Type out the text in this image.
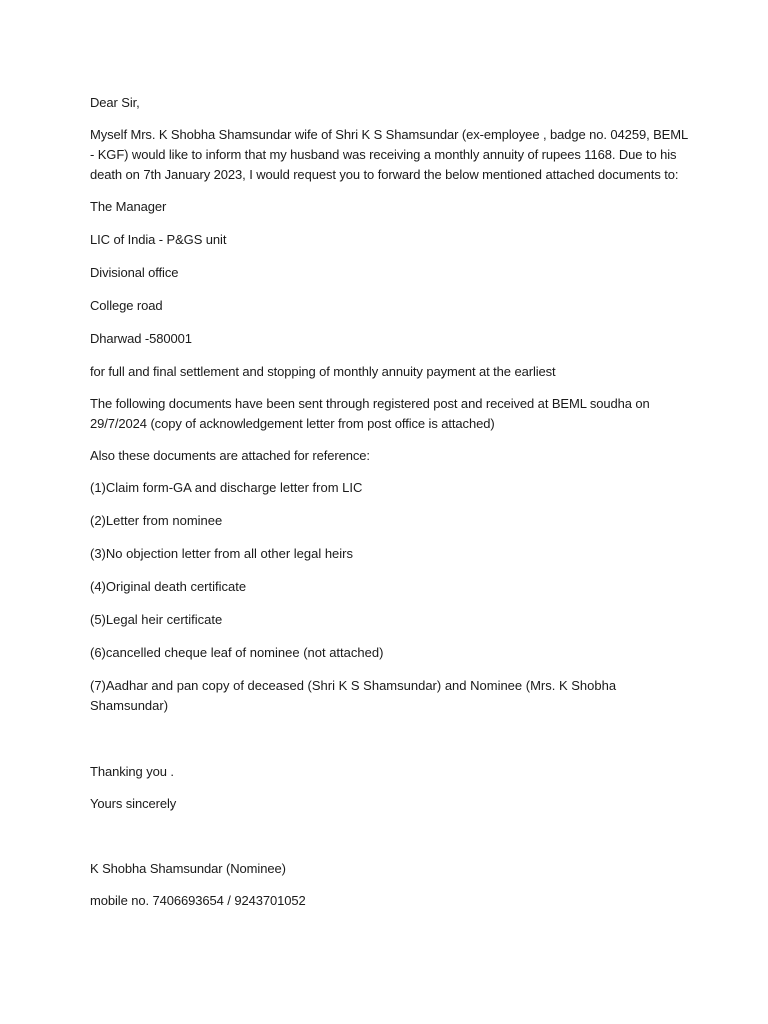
Dear Sir,

Myself Mrs. K Shobha Shamsundar wife of Shri K S Shamsundar (ex-employee , badge no. 04259, BEML - KGF) would like to inform that my husband was receiving a monthly annuity of rupees 1168. Due to his death on 7th January 2023, I would request you to forward the below mentioned attached documents to:

The Manager

LIC of India - P&GS unit

Divisional office

College road

Dharwad -580001

for full and final settlement and stopping of monthly annuity payment at the earliest

The following documents have been sent through registered post and received at BEML soudha on 29/7/2024 (copy of acknowledgement letter from post office is attached)

Also these documents are attached for reference:

(1)Claim form-GA and discharge letter from LIC
(2)Letter from nominee
(3)No objection letter from all other legal heirs
(4)Original death certificate
(5)Legal heir certificate
(6)cancelled cheque leaf of nominee (not attached)
(7)Aadhar and pan copy of deceased (Shri K S Shamsundar) and Nominee (Mrs. K Shobha Shamsundar)

Thanking you .

Yours sincerely

K Shobha Shamsundar (Nominee)

mobile no. 7406693654 / 9243701052
